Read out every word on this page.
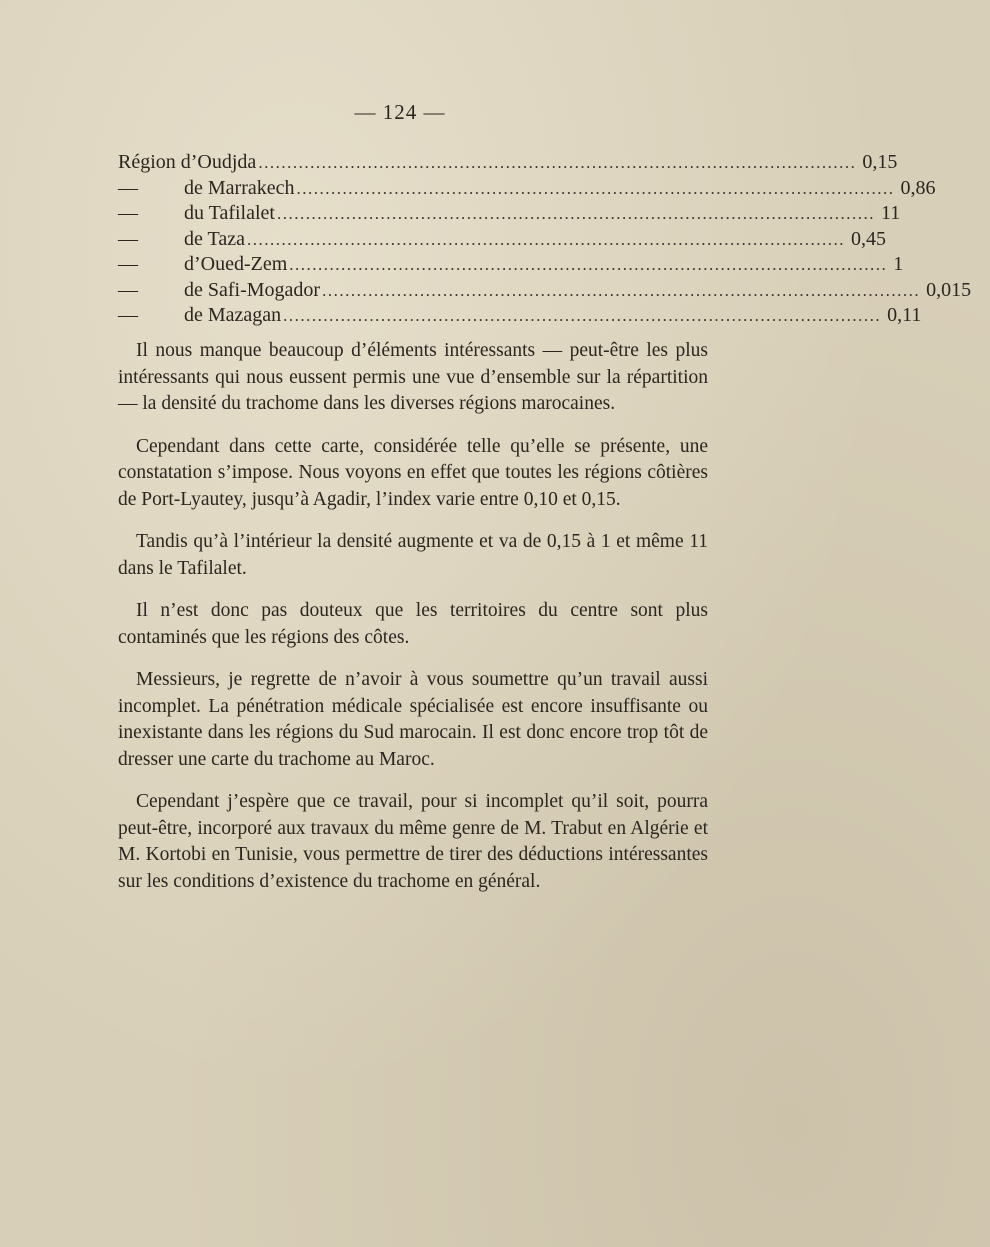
— 124 —
Région d’Oudjda ........................................................................................................ 0,15
—	de Marrakech ........................................................................................................ 0,86
—	du Tafilalet ........................................................................................................ 11
—	de Taza ........................................................................................................ 0,45
—	d’Oued-Zem ........................................................................................................ 1
—	de Safi-Mogador ........................................................................................................ 0,015
—	de Mazagan ........................................................................................................ 0,11

Il nous manque beaucoup d’éléments intéressants — peut-être les plus intéressants qui nous eussent permis une vue d’ensemble sur la répartition — la densité du trachome dans les diverses régions marocaines.

Cependant dans cette carte, considérée telle qu’elle se présente, une constatation s’impose. Nous voyons en effet que toutes les régions côtières de Port-Lyautey, jusqu’à Agadir, l’index varie entre 0,10 et 0,15.

Tandis qu’à l’intérieur la densité augmente et va de 0,15 à 1 et même 11 dans le Tafilalet.

Il n’est donc pas douteux que les territoires du centre sont plus contaminés que les régions des côtes.

Messieurs, je regrette de n’avoir à vous soumettre qu’un travail aussi incomplet. La pénétration médicale spécialisée est encore insuffisante ou inexistante dans les régions du Sud marocain. Il est donc encore trop tôt de dresser une carte du trachome au Maroc.

Cependant j’espère que ce travail, pour si incomplet qu’il soit, pourra peut-être, incorporé aux travaux du même genre de M. Trabut en Algérie et M. Kortobi en Tunisie, vous permettre de tirer des déductions intéressantes sur les conditions d’existence du trachome en général.
